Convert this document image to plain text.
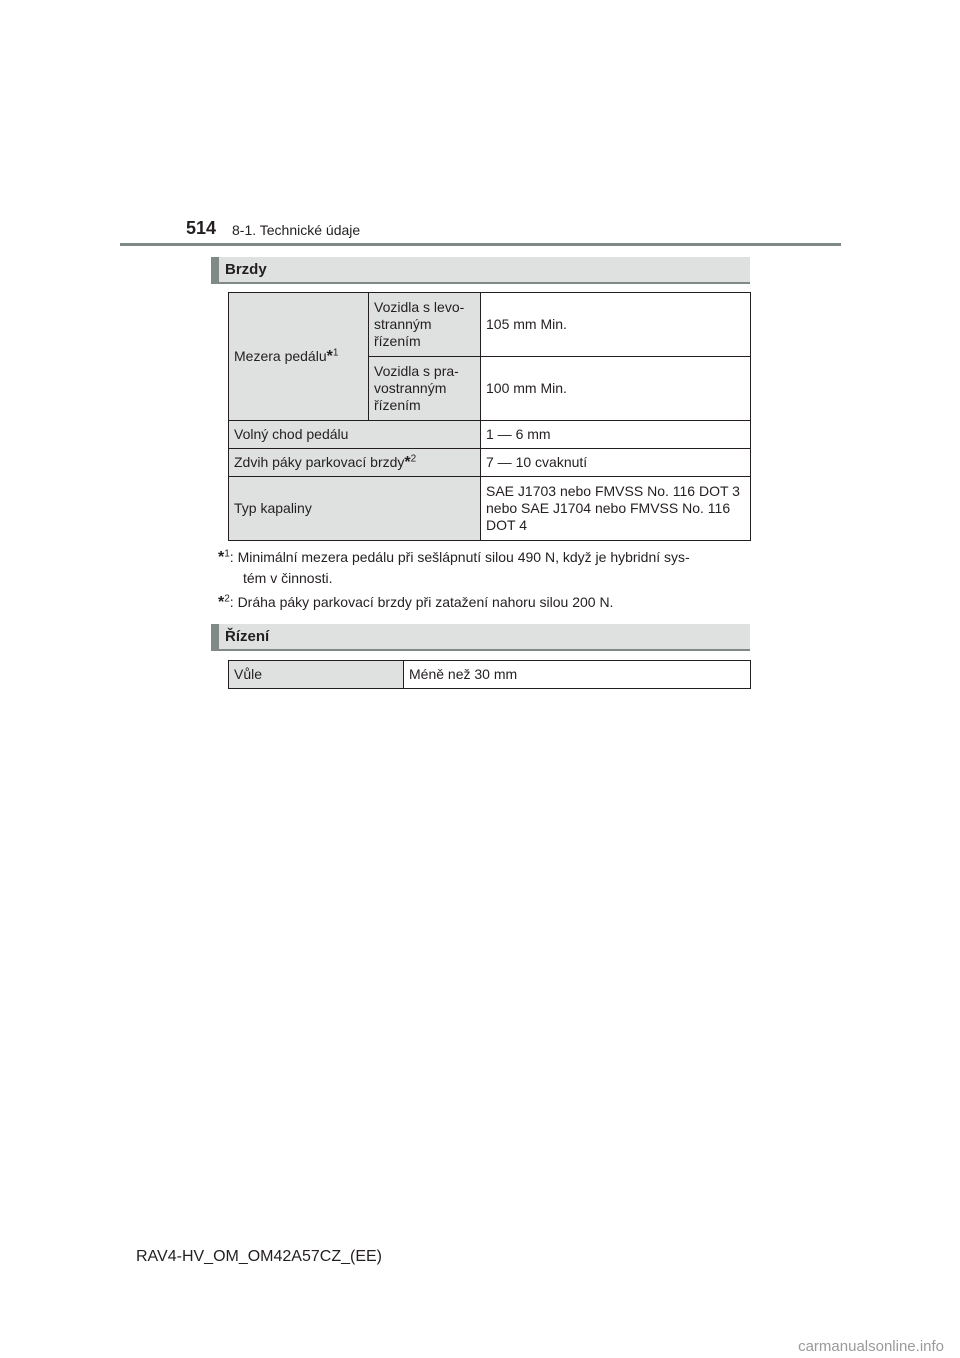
514 8-1. Technické údaje
Brzdy
Mezera pedálu*$^1$	Vozidla s levo-stranným řízením	105 mm Min.
	Vozidla s pra-vostranným řízením	100 mm Min.
Volný chod pedálu		1 — 6 mm
Zdvih páky parkovací brzdy*$^2$		7 — 10 cvaknutí
Typ kapaliny		SAE J1703 nebo FMVSS No. 116 DOT 3 nebo SAE J1704 nebo FMVSS No. 116 DOT 4
*$^1$: Minimální mezera pedálu při sešlápnutí silou 490 N, když je hybridní sys-
tém v činnosti.
*$^2$: Dráha páky parkovací brzdy při zatažení nahoru silou 200 N.
Řízení
Vůle	Méně než 30 mm
RAV4-HV_OM_OM42A57CZ_(EE)
carmanualsonline.info
